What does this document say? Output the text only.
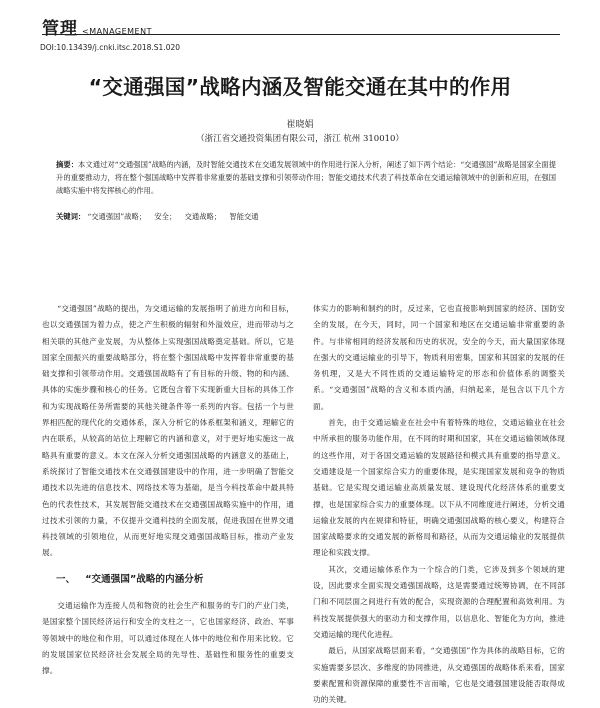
管理 <MANAGEMENT
DOI:10.13439/j.cnki.itsc.2018.S1.020
“交通强国”战略内涵及智能交通在其中的作用
崔晓娟
（浙江省交通投资集团有限公司，浙江 杭州 310010）
摘要：本文通过对“交通强国”战略的内涵，及时智能交通技术在交通发展领域中的作用进行深入分析，阐述了如下两个结论：“交通强国”战略是国家全面提升的重要推动力，将在整个强国战略中发挥着非常重要的基础支撑和引领带动作用；智能交通技术代表了科技革命在交通运输领域中的创新和应用，在强国战略实施中将发挥核心的作用。
关键词： “交通强国”战略； 安全； 交通战略； 智能交通

“交通强国”战略的提出，为交通运输的发展指明了前进方向和目标，也以交通强国为着力点，使之产生积极的辐射和外溢效应，进而带动与之相关联的其他产业发展，为从整体上实现强国战略奠定基础。所以，它是国家全面振兴的重要战略部分，将在整个强国战略中发挥着非常重要的基础支撑和引领带动作用。交通强国战略有了有目标的升级、物的和内涵、具体的实施步骤和核心的任务。它既包含着下实现新重大目标的具体工作和为实现战略任务所需要的其他关键条件等一系列的内容。包括一个与世界相匹配的现代化的交通体系，深入分析它的体系框架和涵义，理解它的内在联系，从较高的站位上理解它的内涵和意义，对于更好地实施这一战略具有重要的意义。本文在深入分析交通强国战略的内涵意义的基础上，系统探讨了智能交通技术在交通强国建设中的作用，进一步明确了智能交通技术以先进的信息技术、网络技术等为基础，是当今科技革命中最具特色的代表性技术，其发展智能交通技术在交通强国战略实施中的作用，通过技术引领的力量，不仅提升交通科技的全面发展，促进我国在世界交通科技领域的引领地位，从而更好地实现交通强国战略目标，推动产业发展。

一、 “交通强国”战略的内涵分析

交通运输作为连接人员和物资的社会生产和服务的专门的产业门类，是国家整个国民经济运行和安全的支柱之一，它也国家经济、政治、军事等领域中的地位和作用，可以通过体现在人体中的地位和作用来比较。它的发展国家位民经济社会发展全局的先导性、基础性和服务性的重要支撑。

体实力的影响和制约的时，反过来，它也直接影响到国家的经济、国防安全的发展，在今天，同时，同一个国家和地区在交通运输非常重要的条件。与非常相同的经济发展和历史的状况，安全的今天，而大量国家体现在强大的交通运输业的引导下，物质利用密集，国家和其国家的发展的任务机理，又是大不同性质的交通运输特定的形态和价值体系的调整关系。“交通强国”战略的含义和本质内涵，归纳起来，是包含以下几个方面。

首先，由于交通运输业在社会中有着特殊的地位，交通运输业在社会中所承担的服务功能作用，在不同的时期和国家，其在交通运输领域体现的这些作用，对于各国交通运输的发展路径和模式具有重要的指导意义。交通建设是一个国家综合实力的重要体现，是实现国家发展和竞争的物质基础。它是实现交通运输业高质量发展、建设现代化经济体系的重要支撑，也是国家综合实力的重要体现。以下从不同维度进行阐述，分析交通运输业发展的内在规律和特征，明确交通强国战略的核心要义，构建符合国家战略要求的交通发展的新格局和路径，从而为交通运输业的发展提供理论和实践支撑。

其次，交通运输体系作为一个综合的门类，它涉及到多个领域的建设，因此要求全面实现交通强国战略，这是需要通过统筹协调，在不同部门和不同层面之间进行有效的配合，实现资源的合理配置和高效利用。为科技发展提供强大的驱动力和支撑作用，以信息化、智能化为方向，推进交通运输的现代化进程。

最后，从国家战略层面来看，“交通强国”作为具体的战略目标，它的实施需要多层次、多维度的协同推进，从交通强国的战略体系来看，国家要素配置和资源保障的重要性不言而喻，它也是交通强国建设能否取得成功的关键。
